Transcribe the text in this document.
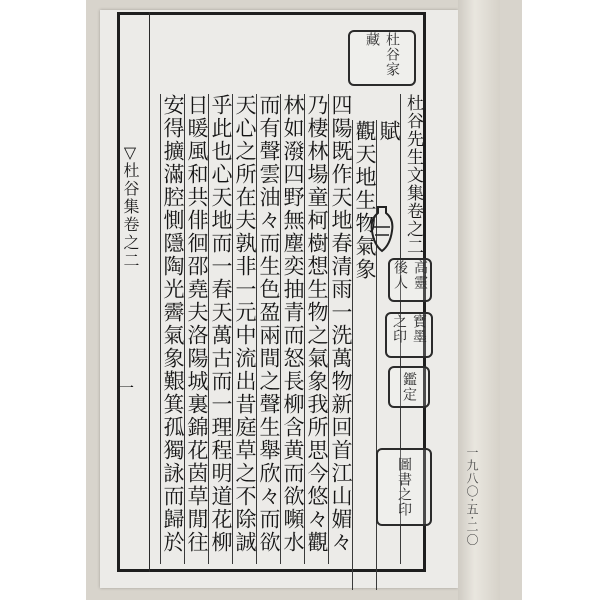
▽
杜谷集卷之二
一
杜谷先生文集卷之二
賦
觀天地生物氣象
四陽既作天地春清雨一洗萬物新回首江山媚々
乃棲林場童柯樹想生物之氣象我所思今悠々觀
林如潑四野無塵奕抽青而怒長柳含黄而欲嚬水
而有聲雲油々而生色盈兩間之聲生舉欣々而欲
天心之所在夫孰非一元中流出昔庭草之不除誠
乎此也心天地而一春天萬古而一理程明道花柳
日暖風和共俳徊邵堯夫洛陽城裏錦花茵草閒往
安得擴滿腔惻隱陶光霽氣象艱箕孤獨詠而歸於
杜谷家藏
高靈後人
寶墨之印
鑑定
圖書之印	一九八〇·五·二〇
